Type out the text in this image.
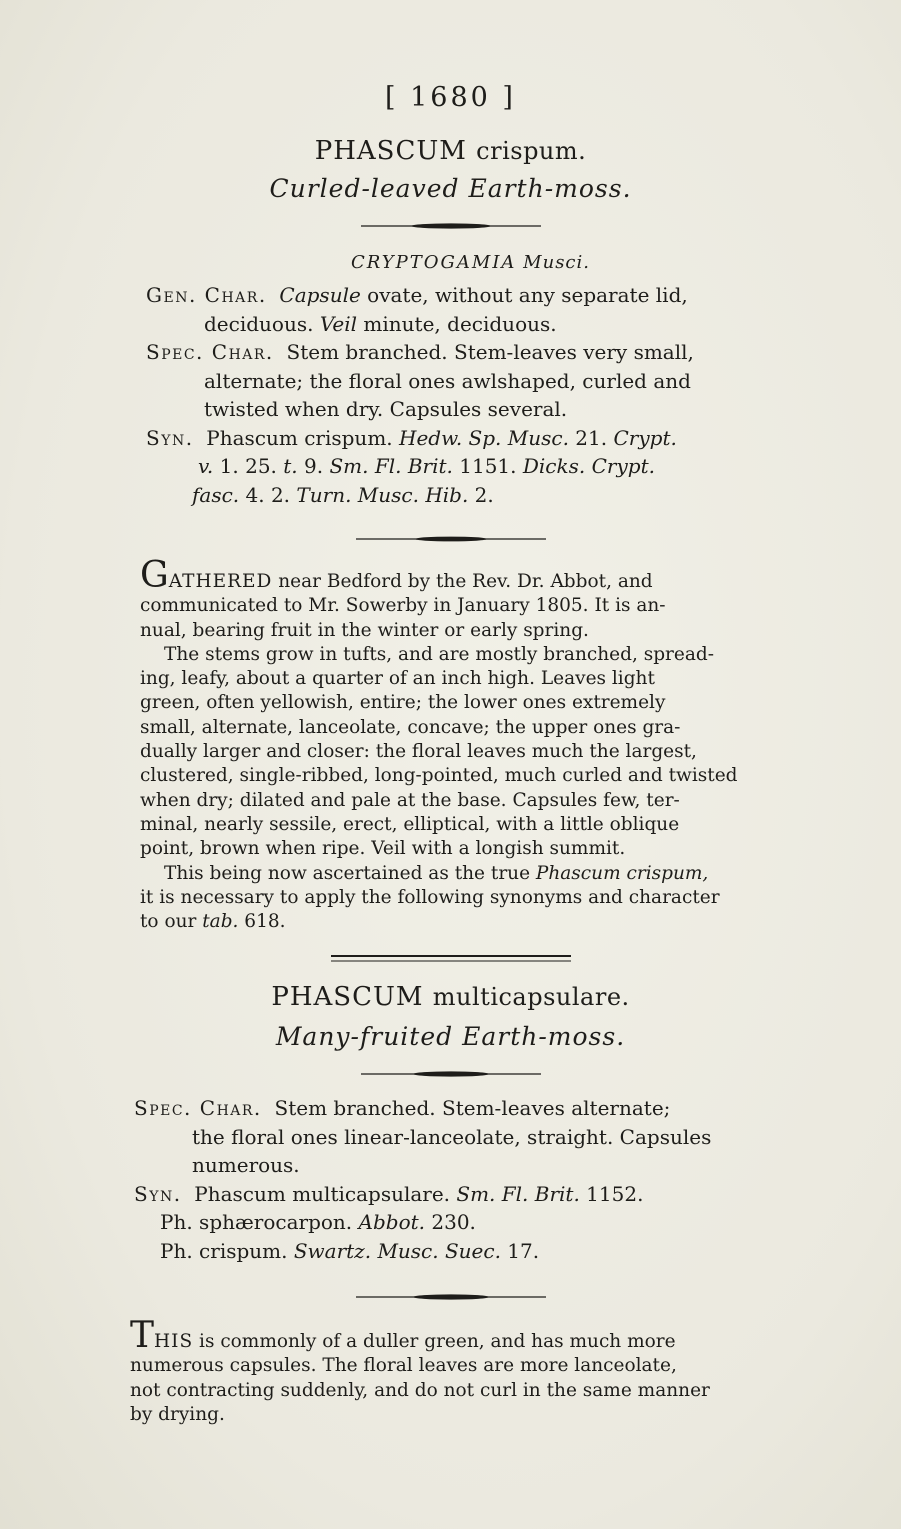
[ 1680 ]
PHASCUM crispum.
Curled-leaved Earth-moss.
CRYPTOGAMIA Musci.
Gen. Char. Capsule ovate, without any separate lid,
deciduous. Veil minute, deciduous.
Spec. Char. Stem branched. Stem-leaves very small,
alternate; the floral ones awlshaped, curled and
twisted when dry. Capsules several.
Syn. Phascum crispum. Hedw. Sp. Musc. 21. Crypt.
v. 1. 25. t. 9. Sm. Fl. Brit. 1151. Dicks. Crypt.
fasc. 4. 2. Turn. Musc. Hib. 2.
GATHERED near Bedford by the Rev. Dr. Abbot, and
communicated to Mr. Sowerby in January 1805. It is an-
nual, bearing fruit in the winter or early spring.
The stems grow in tufts, and are mostly branched, spread-
ing, leafy, about a quarter of an inch high. Leaves light
green, often yellowish, entire; the lower ones extremely
small, alternate, lanceolate, concave; the upper ones gra-
dually larger and closer: the floral leaves much the largest,
clustered, single-ribbed, long-pointed, much curled and twisted
when dry; dilated and pale at the base. Capsules few, ter-
minal, nearly sessile, erect, elliptical, with a little oblique
point, brown when ripe. Veil with a longish summit.
This being now ascertained as the true Phascum crispum,
it is necessary to apply the following synonyms and character
to our tab. 618.
PHASCUM multicapsulare.
Many-fruited Earth-moss.
Spec. Char. Stem branched. Stem-leaves alternate;
the floral ones linear-lanceolate, straight. Capsules
numerous.
Syn. Phascum multicapsulare. Sm. Fl. Brit. 1152.
Ph. sphærocarpon. Abbot. 230.
Ph. crispum. Swartz. Musc. Suec. 17.
THIS is commonly of a duller green, and has much more
numerous capsules. The floral leaves are more lanceolate,
not contracting suddenly, and do not curl in the same manner
by drying.
